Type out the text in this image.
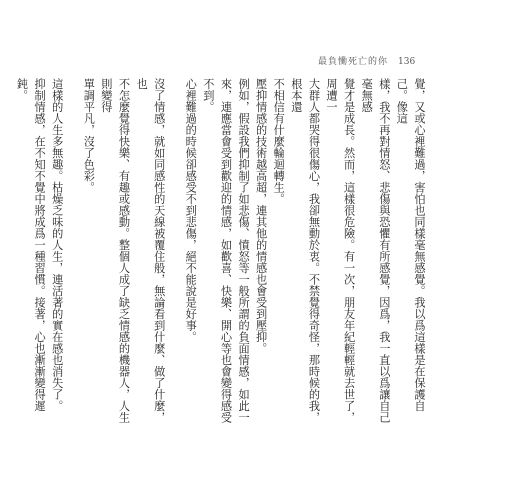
最負慟死亡的你 136

覺，又或心裡難過，害怕也同樣毫無感覺。我以爲這樣是在保護自己。像這
樣，我不再對情怒、悲傷與恐懼有所感覺，因爲，我一直以爲讓自己毫無感
覺才是成長。然而，這樣很危險。有一次，朋友年紀輕輕就去世了，周遭一
大群人都哭得很傷心，我卻無動於衷。不禁覺得奇怪，那時候的我，根本還
不相信有什麼輪迴轉生。

壓抑情感的技術越高超，連其他的情感也會受到壓抑。
例如，假設我們抑制了如悲傷、憤怒等一般所謂的負面情感，如此一
來，連應當會受到歡迎的情感，如歡喜、快樂、開心等也會變得感受不到。
心裡難過的時候卻感受不到悲傷，絕不能說是好事。

沒了情感，就如同感性的天線被覆住般，無論看到什麼、做了什麼，也
不怎麼覺得快樂、有趣或感動。整個人成了缺乏情感的機器人，人生則變得
單調平凡，沒了色彩。

這樣的人生多無趣。枯燥乏味的人生，連活著的實在感也消失了。
抑制情感，在不知不覺中將成爲一種習慣。接著，心也漸漸變得遲鈍。
